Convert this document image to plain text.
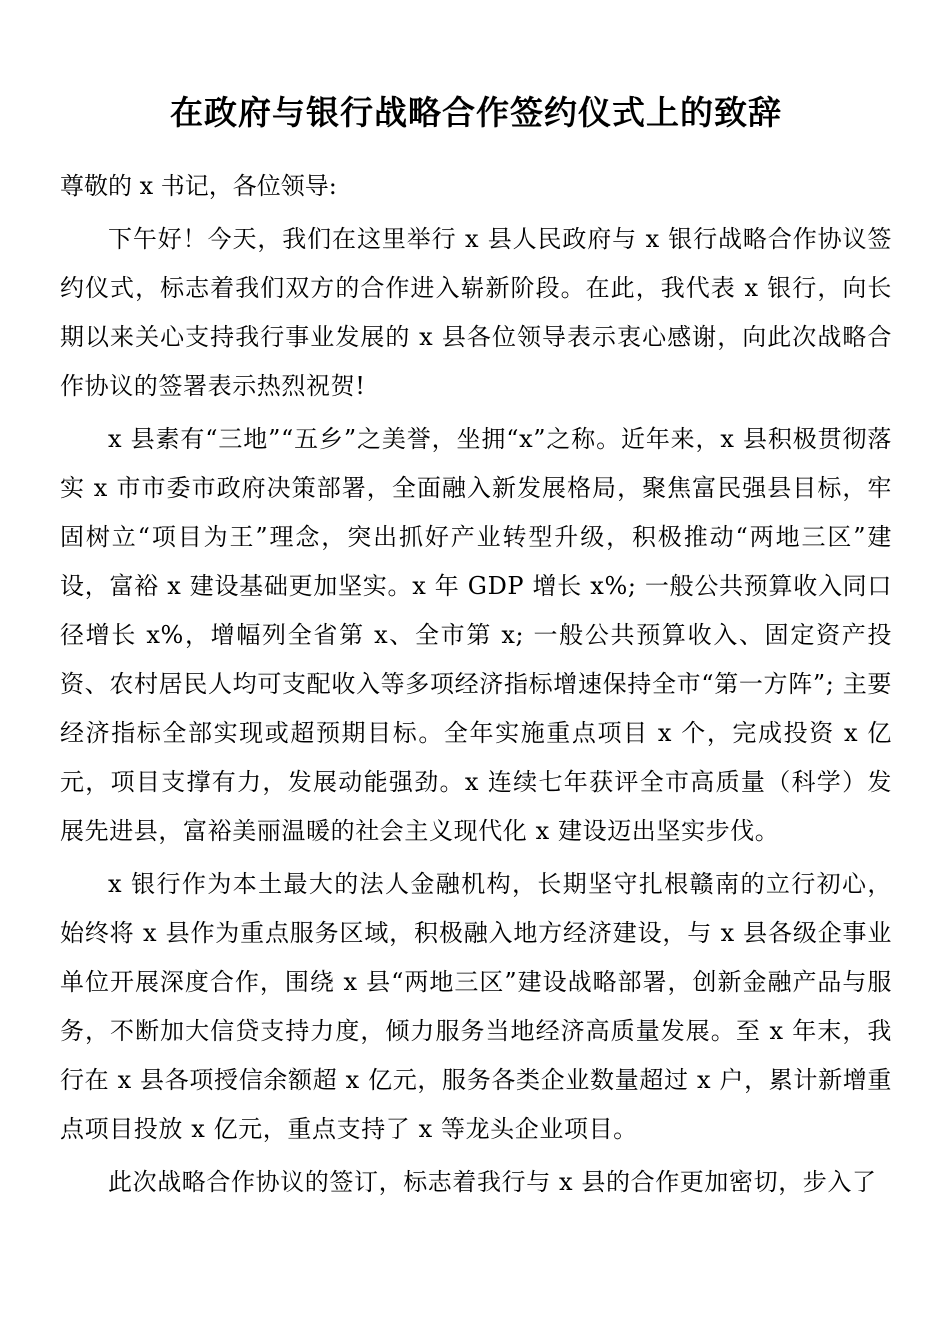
在政府与银行战略合作签约仪式上的致辞

尊敬的 x 书记，各位领导:

下午好！今天，我们在这里举行 x 县人民政府与 x 银行战略合作协议签约仪式，标志着我们双方的合作进入崭新阶段。在此，我代表 x 银行，向长期以来关心支持我行事业发展的 x 县各位领导表示衷心感谢，向此次战略合作协议的签署表示热烈祝贺!

x 县素有“三地”“五乡”之美誉，坐拥“x”之称。近年来，x 县积极贯彻落实 x 市市委市政府决策部署，全面融入新发展格局，聚焦富民强县目标，牢固树立“项目为王”理念，突出抓好产业转型升级，积极推动“两地三区”建设，富裕 x 建设基础更加坚实。x 年 GDP 增长 x%; 一般公共预算收入同口径增长 x%，增幅列全省第 x、全市第 x; 一般公共预算收入、固定资产投资、农村居民人均可支配收入等多项经济指标增速保持全市“第一方阵”; 主要经济指标全部实现或超预期目标。全年实施重点项目 x 个，完成投资 x 亿元，项目支撑有力，发展动能强劲。x 连续七年获评全市高质量（科学）发展先进县，富裕美丽温暖的社会主义现代化 x 建设迈出坚实步伐。

x 银行作为本土最大的法人金融机构，长期坚守扎根赣南的立行初心，始终将 x 县作为重点服务区域，积极融入地方经济建设，与 x 县各级企事业单位开展深度合作，围绕 x 县“两地三区”建设战略部署，创新金融产品与服务，不断加大信贷支持力度，倾力服务当地经济高质量发展。至 x 年末，我行在 x 县各项授信余额超 x 亿元，服务各类企业数量超过 x 户，累计新增重点项目投放 x 亿元，重点支持了 x 等龙头企业项目。

此次战略合作协议的签订，标志着我行与 x 县的合作更加密切，步入了
